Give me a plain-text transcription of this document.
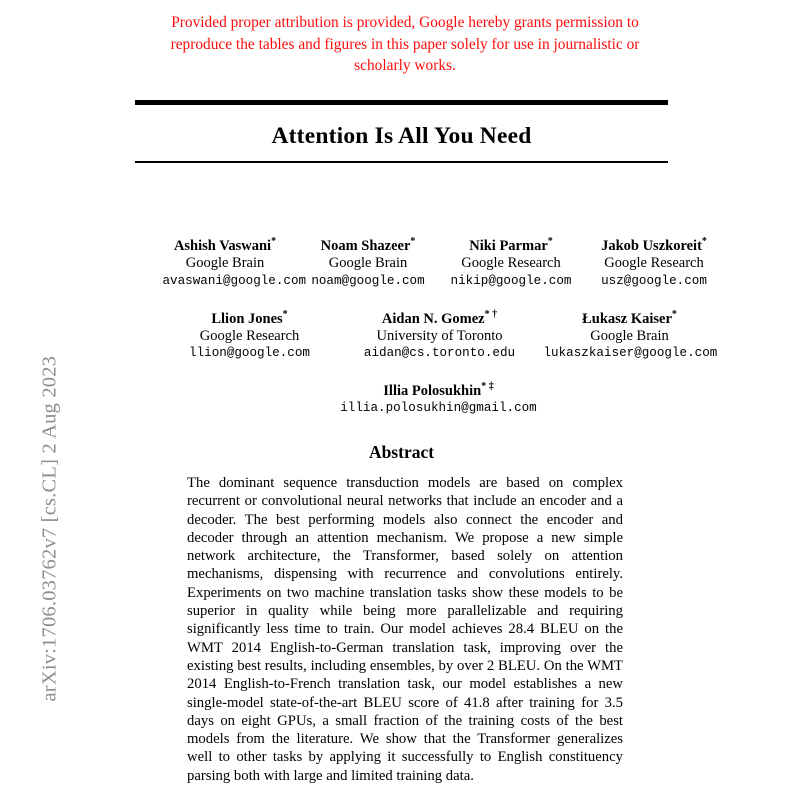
arXiv:1706.03762v7 [cs.CL] 2 Aug 2023
Provided proper attribution is provided, Google hereby grants permission to reproduce the tables and figures in this paper solely for use in journalistic or scholarly works.
Attention Is All You Need
Ashish Vaswani*
Google Brain
avaswani@google.com
Noam Shazeer*
Google Brain
noam@google.com
Niki Parmar*
Google Research
nikip@google.com
Jakob Uszkoreit*
Google Research
usz@google.com
Llion Jones*
Google Research
llion@google.com
Aidan N. Gomez* †
University of Toronto
aidan@cs.toronto.edu
Łukasz Kaiser*
Google Brain
lukaszkaiser@google.com
Illia Polosukhin* ‡
illia.polosukhin@gmail.com
Abstract
The dominant sequence transduction models are based on complex recurrent or convolutional neural networks that include an encoder and a decoder. The best performing models also connect the encoder and decoder through an attention mechanism. We propose a new simple network architecture, the Transformer, based solely on attention mechanisms, dispensing with recurrence and convolutions entirely. Experiments on two machine translation tasks show these models to be superior in quality while being more parallelizable and requiring significantly less time to train. Our model achieves 28.4 BLEU on the WMT 2014 English-to-German translation task, improving over the existing best results, including ensembles, by over 2 BLEU. On the WMT 2014 English-to-French translation task, our model establishes a new single-model state-of-the-art BLEU score of 41.8 after training for 3.5 days on eight GPUs, a small fraction of the training costs of the best models from the literature. We show that the Transformer generalizes well to other tasks by applying it successfully to English constituency parsing both with large and limited training data.
